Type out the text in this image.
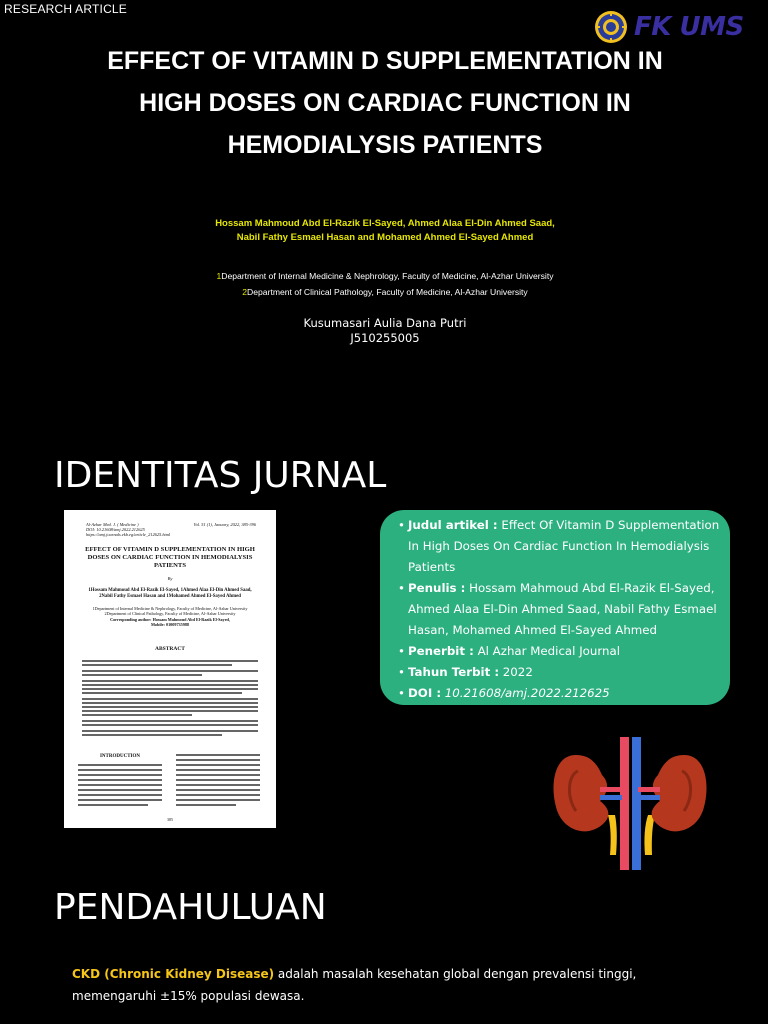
RESEARCH ARTICLE
FK UMS
EFFECT OF VITAMIN D SUPPLEMENTATION IN
HIGH DOSES ON CARDIAC FUNCTION IN
HEMODIALYSIS PATIENTS
Hossam Mahmoud Abd El-Razik El-Sayed, Ahmed Alaa El-Din Ahmed Saad, Nabil Fathy Esmael Hasan and Mohamed Ahmed El-Sayed Ahmed
1Department of Internal Medicine & Nephrology, Faculty of Medicine, Al-Azhar University
2Department of Clinical Pathology, Faculty of Medicine, Al-Azhar University
Kusumasari Aulia Dana Putri
J510255005
IDENTITAS JURNAL
Al-Azhar Med. J. ( Medicine )	Vol. 51 (1), January, 2022, 385-396
DOI: 10.21608/amj.2022.212625
https://amj.journals.ekb.eg/article_212625.html
EFFECT OF VITAMIN D SUPPLEMENTATION IN HIGH DOSES ON CARDIAC FUNCTION IN HEMODIALYSIS PATIENTS
By
1Hossam Mahmoud Abd El-Razik El-Sayed, 1Ahmed Alaa El-Din Ahmed Saad, 2Nabil Fathy Esmael Hasan and 1Mohamed Ahmed El-Sayed Ahmed
1Department of Internal Medicine & Nephrology, Faculty of Medicine, Al-Azhar University
2Department of Clinical Pathology, Faculty of Medicine, Al-Azhar University
Corresponding author: Hossam Mahmoud Abd El-Razik El-Sayed,
Mobile: 01009735988
ABSTRACT
INTRODUCTION
385
• Judul artikel : Effect Of Vitamin D Supplementation In High Doses On Cardiac Function In Hemodialysis Patients
• Penulis : Hossam Mahmoud Abd El-Razik El-Sayed, Ahmed Alaa El-Din Ahmed Saad, Nabil Fathy Esmael Hasan, Mohamed Ahmed El-Sayed Ahmed
• Penerbit : Al Azhar Medical Journal
• Tahun Terbit : 2022
• DOI : 10.21608/amj.2022.212625
PENDAHULUAN
CKD (Chronic Kidney Disease) adalah masalah kesehatan global dengan prevalensi tinggi, memengaruhi ±15% populasi dewasa.
